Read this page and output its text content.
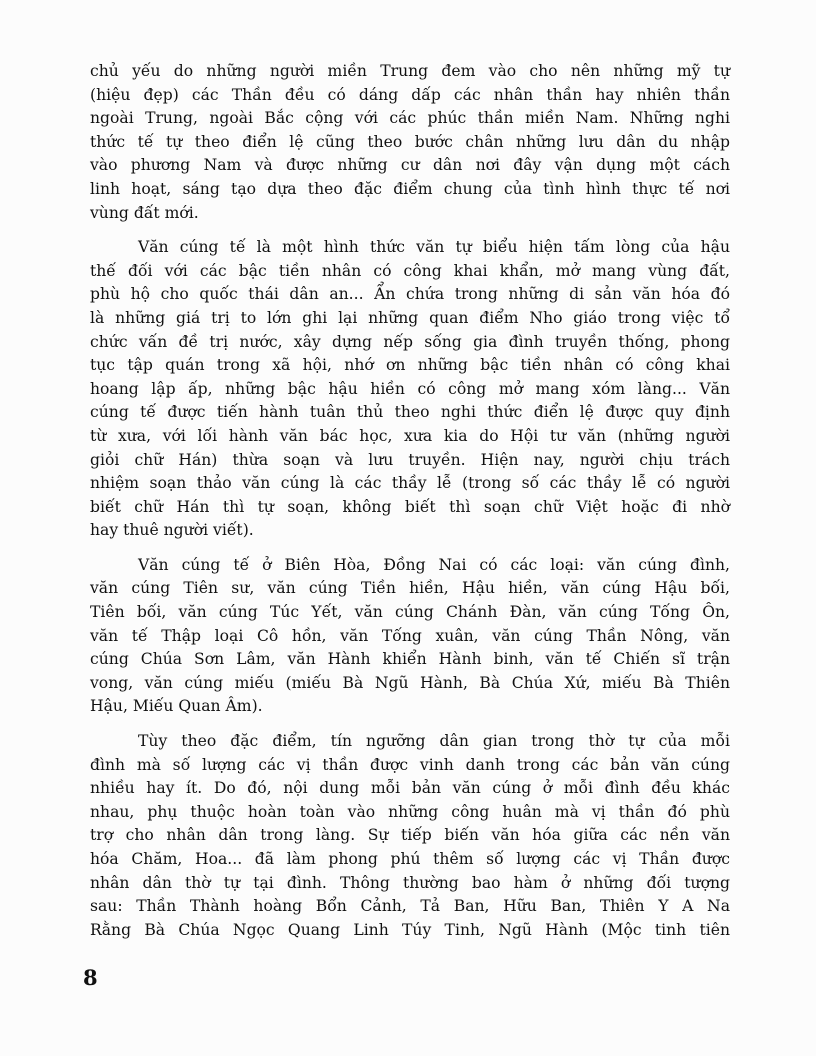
chủ yếu do những người miền Trung đem vào cho nên những mỹ tự
(hiệu đẹp) các Thần đều có dáng dấp các nhân thần hay nhiên thần
ngoài Trung, ngoài Bắc cộng với các phúc thần miền Nam. Những nghi
thức tế tự theo điển lệ cũng theo bước chân những lưu dân du nhập
vào phương Nam và được những cư dân nơi đây vận dụng một cách
linh hoạt, sáng tạo dựa theo đặc điểm chung của tình hình thực tế nơi
vùng đất mới.
Văn cúng tế là một hình thức văn tự biểu hiện tấm lòng của hậu
thế đối với các bậc tiền nhân có công khai khẩn, mở mang vùng đất,
phù hộ cho quốc thái dân an... Ẩn chứa trong những di sản văn hóa đó
là những giá trị to lớn ghi lại những quan điểm Nho giáo trong việc tổ
chức vấn đề trị nước, xây dựng nếp sống gia đình truyền thống, phong
tục tập quán trong xã hội, nhớ ơn những bậc tiền nhân có công khai
hoang lập ấp, những bậc hậu hiền có công mở mang xóm làng... Văn
cúng tế được tiến hành tuân thủ theo nghi thức điển lệ được quy định
từ xưa, với lối hành văn bác học, xưa kia do Hội tư văn (những người
giỏi chữ Hán) thừa soạn và lưu truyền. Hiện nay, người chịu trách
nhiệm soạn thảo văn cúng là các thầy lễ (trong số các thầy lễ có người
biết chữ Hán thì tự soạn, không biết thì soạn chữ Việt hoặc đi nhờ
hay thuê người viết).
Văn cúng tế ở Biên Hòa, Đồng Nai có các loại: văn cúng đình,
văn cúng Tiên sư, văn cúng Tiền hiền, Hậu hiền, văn cúng Hậu bối,
Tiên bối, văn cúng Túc Yết, văn cúng Chánh Đàn, văn cúng Tống Ôn,
văn tế Thập loại Cô hồn, văn Tống xuân, văn cúng Thần Nông, văn
cúng Chúa Sơn Lâm, văn Hành khiển Hành binh, văn tế Chiến sĩ trận
vong, văn cúng miếu (miếu Bà Ngũ Hành, Bà Chúa Xứ, miếu Bà Thiên
Hậu, Miếu Quan Âm).
Tùy theo đặc điểm, tín ngưỡng dân gian trong thờ tự của mỗi
đình mà số lượng các vị thần được vinh danh trong các bản văn cúng
nhiều hay ít. Do đó, nội dung mỗi bản văn cúng ở mỗi đình đều khác
nhau, phụ thuộc hoàn toàn vào những công huân mà vị thần đó phù
trợ cho nhân dân trong làng. Sự tiếp biến văn hóa giữa các nền văn
hóa Chăm, Hoa... đã làm phong phú thêm số lượng các vị Thần được
nhân dân thờ tự tại đình. Thông thường bao hàm ở những đối tượng
sau: Thần Thành hoàng Bổn Cảnh, Tả Ban, Hữu Ban, Thiên Y A Na
Rằng Bà Chúa Ngọc Quang Linh Túy Tinh, Ngũ Hành (Mộc tinh tiên
8
